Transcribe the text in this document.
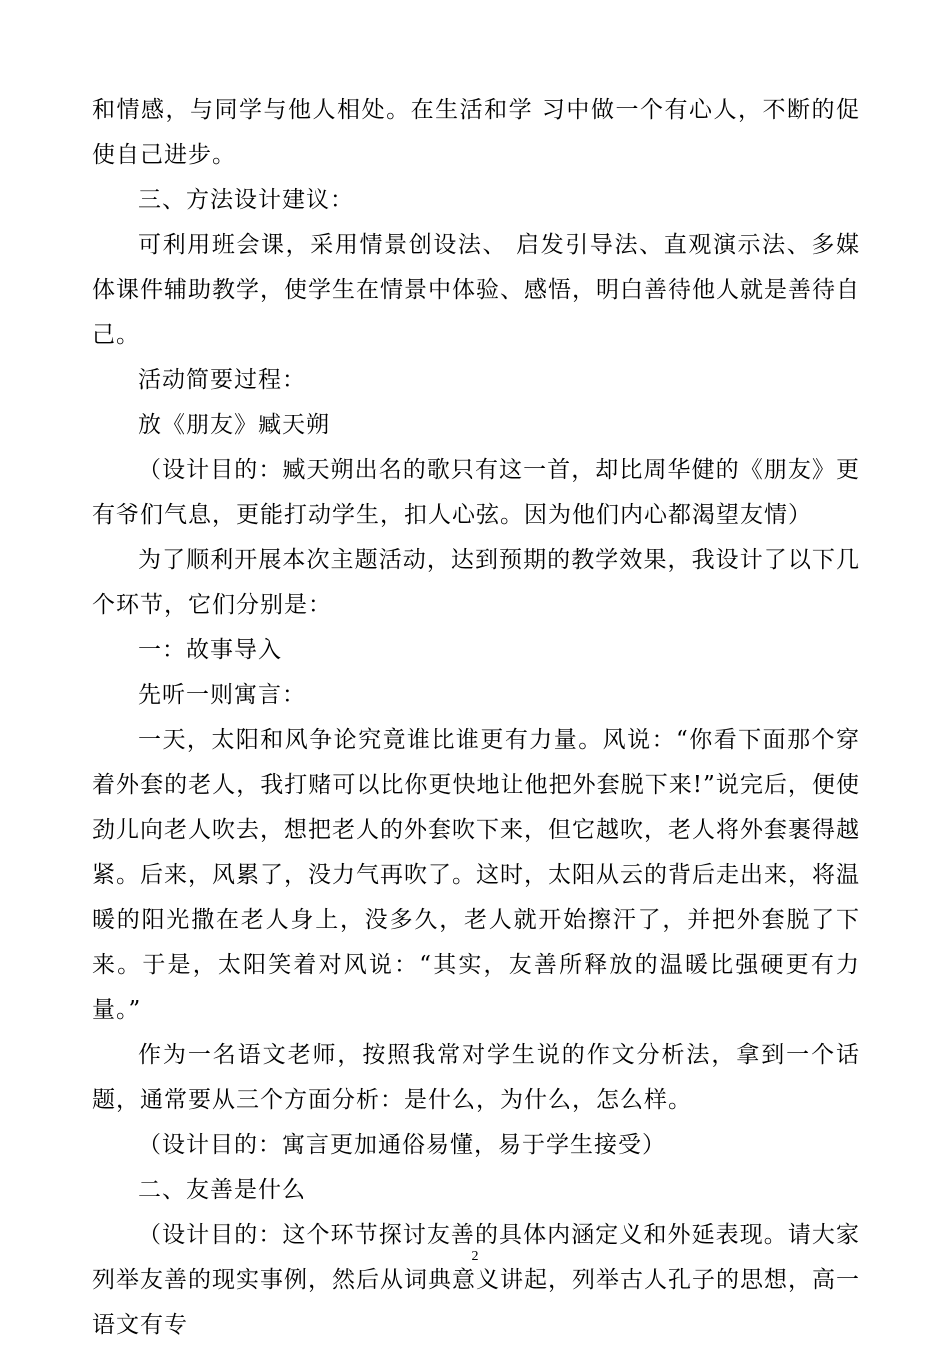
和情感，与同学与他人相处。在生活和学 习中做一个有心人，不断的促使自己进步。

三、方法设计建议：

可利用班会课，采用情景创设法、 启发引导法、直观演示法、多媒体课件辅助教学，使学生在情景中体验、感悟，明白善待他人就是善待自己。

活动简要过程：

放《朋友》臧天朔

（设计目的：臧天朔出名的歌只有这一首，却比周华健的《朋友》更有爷们气息，更能打动学生，扣人心弦。因为他们内心都渴望友情）

为了顺利开展本次主题活动，达到预期的教学效果，我设计了以下几个环节，它们分别是：

一：故事导入

先听一则寓言：

一天，太阳和风争论究竟谁比谁更有力量。风说：“你看下面那个穿着外套的老人，我打赌可以比你更快地让他把外套脱下来!”说完后，便使劲儿向老人吹去，想把老人的外套吹下来，但它越吹，老人将外套裹得越紧。后来，风累了，没力气再吹了。这时，太阳从云的背后走出来，将温暖的阳光撒在老人身上，没多久，老人就开始擦汗了，并把外套脱了下来。于是，太阳笑着对风说：“其实，友善所释放的温暖比强硬更有力量。”

作为一名语文老师，按照我常对学生说的作文分析法，拿到一个话题，通常要从三个方面分析：是什么，为什么，怎么样。

（设计目的：寓言更加通俗易懂，易于学生接受）

二、友善是什么

（设计目的：这个环节探讨友善的具体内涵定义和外延表现。请大家列举友善的现实事例，然后从词典意义讲起，列举古人孔子的思想，高一语文有专

2
